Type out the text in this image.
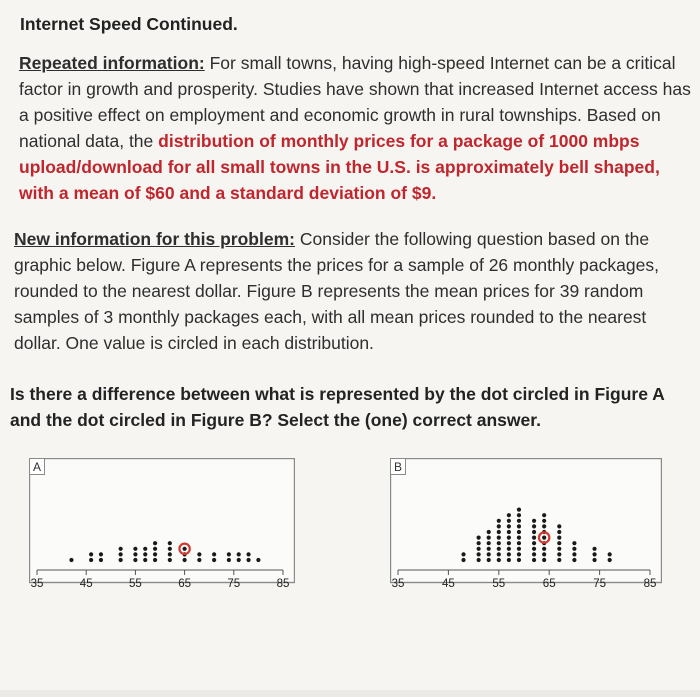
Internet Speed Continued.
Repeated information: For small towns, having high-speed Internet can be a critical factor in growth and prosperity. Studies have shown that increased Internet access has a positive effect on employment and economic growth in rural townships. Based on national data, the distribution of monthly prices for a package of 1000 mbps upload/download for all small towns in the U.S. is approximately bell shaped, with a mean of $60 and a standard deviation of $9.
New information for this problem: Consider the following question based on the graphic below. Figure A represents the prices for a sample of 26 monthly packages, rounded to the nearest dollar. Figure B represents the mean prices for 39 random samples of 3 monthly packages each, with all mean prices rounded to the nearest dollar. One value is circled in each distribution.
Is there a difference between what is represented by the dot circled in Figure A and the dot circled in Figure B? Select the (one) correct answer.
A
35	45	55	65	75	85
B
35	45	55	65	75	85
